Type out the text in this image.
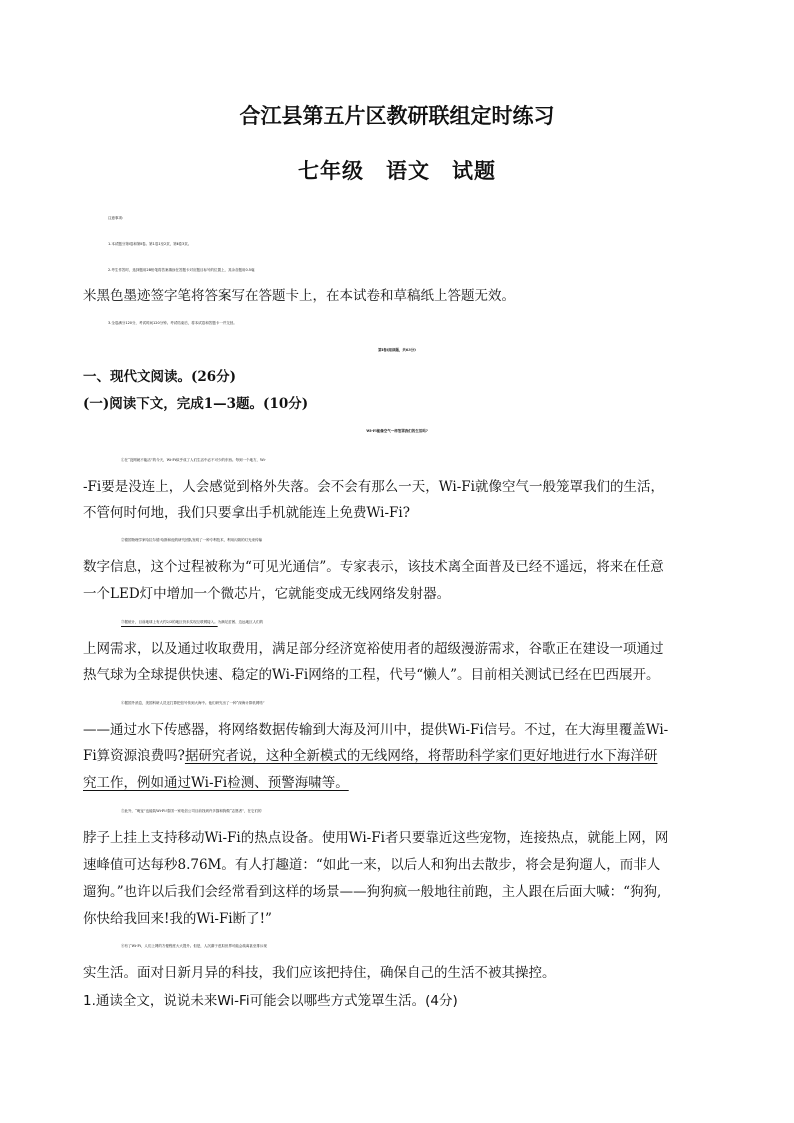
合江县第五片区教研联组定时练习
七年级　语文　试题
注意事项:
1.本试题分第Ⅰ卷和第Ⅱ卷。第1卷1至2页，第Ⅱ卷3页。
2.考生作答时，选择题用2B铅笔将答案填涂在答题卡对应题目标号的位置上，其余各题用0.5毫
米黑色墨迹签字笔将答案写在答题卡上，在本试卷和草稿纸上答题无效。
3.全卷满分120分，考试时间120分钟。考试结束后，将本试卷和答题卡一并交回。
第Ⅰ卷(阅读题，共63分)
一、现代文阅读。(26分)
(一)阅读下文，完成1—3题。(10分)
Wi-Fi能像空气一样笼罩我们的生活吗?
①在“没网就不能活”的今天，Wi-Fi似乎成了人们生活中必不可少的东西。每到一个地方，Wi-
-Fi要是没连上，人会感觉到格外失落。会不会有那么一天，Wi-Fi就像空气一般笼罩我们的生活，
不管何时何地，我们只要拿出手机就能连上免费Wi-Fi?
②德国物理学家哈拉尔德·哈斯和他的研究团队发明了一种专利技术，利用闪烁的灯光来传输
数字信息，这个过程被称为“可见光通信”。专家表示，该技术离全面普及已经不遥远，将来在任意
一个LED灯中增加一个微芯片，它就能变成无线网络发射器。
③据统计，目前地球上有大约2/3的地区仍未实现互联网接入。为满足贫困、边远地区人们的
上网需求，以及通过收取费用，满足部分经济宽裕使用者的超级漫游需求，谷歌正在建设一项通过
热气球为全球提供快速、稳定的Wi-Fi网络的工程，代号“懒人”。目前相关测试已经在巴西展开。
④据国外消息，美国科研人员还打算把信号传到大海中。他们研究出了一种“深海计算机网络”
——通过水下传感器，将网络数据传输到大海及河川中，提供Wi-Fi信号。不过，在大海里覆盖Wi-
Fi算资源浪费吗?据研究者说，这种全新模式的无线网络，将帮助科学家们更好地进行水下海洋研
究工作，例如通过Wi-Fi检测、预警海啸等。
⑤此外，“萌宠”也能装Wi-Fi!泰国一家电信公司目前找到许多猫和狗做“志愿者”，在它们的
脖子上挂上支持移动Wi-Fi的热点设备。使用Wi-Fi者只要靠近这些宠物，连接热点，就能上网，网
速峰值可达每秒8.76M。有人打趣道：“如此一来，以后人和狗出去散步，将会是狗遛人，而非人
遛狗。”也许以后我们会经常看到这样的场景——狗狗疯一般地往前跑，主人跟在后面大喊：“狗狗,
你快给我回来!我的Wi-Fi断了!”
⑥有了Wi-Fi，人们上网的方便程度大大提升。但是，人沉溺于虚拟世界可能会疏离甚至排斥现
实生活。面对日新月异的科技，我们应该把持住，确保自己的生活不被其操控。
1.通读全文，说说未来Wi-Fi可能会以哪些方式笼罩生活。(4分)
